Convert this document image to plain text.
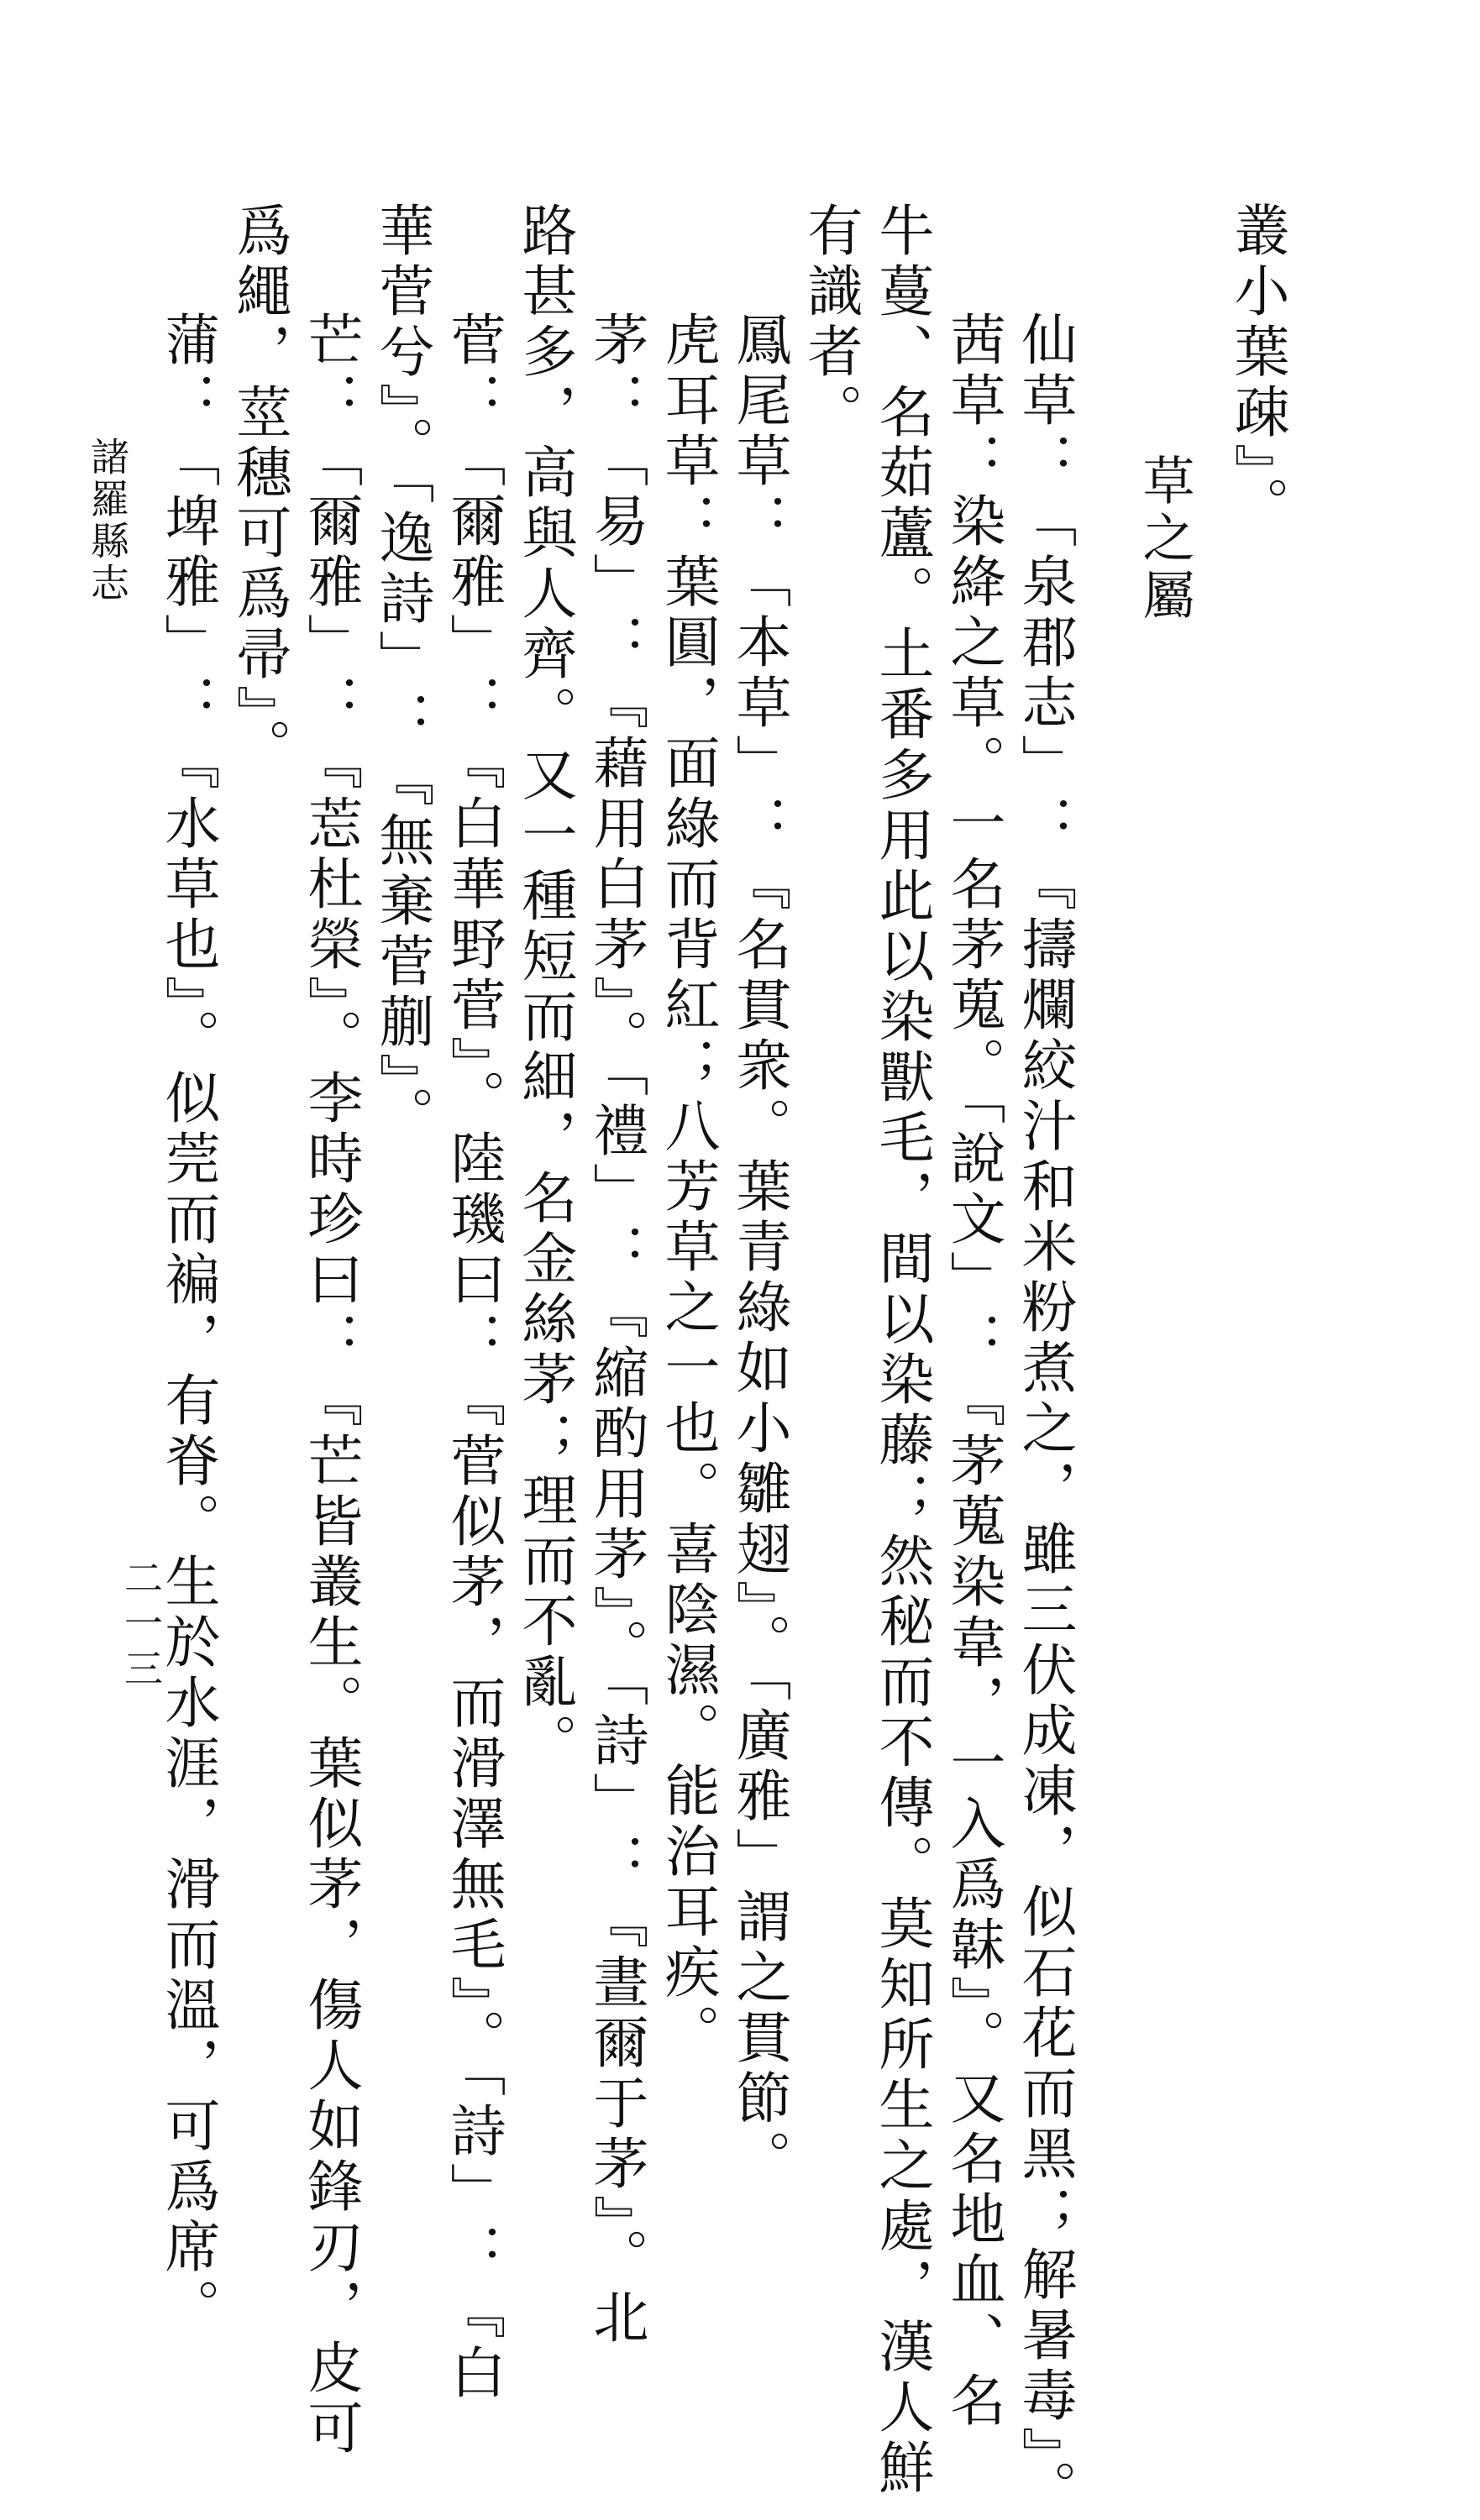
叢小葉疎』。
草之屬
仙草：「泉郡志」：『擣爛絞汁和米粉煮之，雖三伏成凍，似石花而黑；解暑毒』。
茜草：染絳之草。一名茅蒐。「說文」：『茅蒐染韋，一入爲韎』。又名地血、名
牛蔓、名茹蘆。土番多用此以染獸毛，間以染藤；然秘而不傳。莫知所生之處，漢人鮮
有識者。
鳳尾草：「本草」：『名貫衆。葉青綠如小雛翅』。「廣雅」謂之貫節。
虎耳草：葉圓，面綠而背紅；八芳草之一也。喜陰濕。能治耳疾。
茅：「易」：『藉用白茅』。「禮」：『縮酌用茅』。「詩」：『晝爾于茅』。北
路甚多，高與人齊。又一種短而細，名金絲茅；理而不亂。
菅：「爾雅」：『白華野菅』。陸璣曰：『菅似茅，而滑澤無毛』。「詩」：『白
華菅兮』。「逸詩」：『無棄菅蒯』。
芒：「爾雅」：『莣杜榮』。李時珍曰：『芒皆叢生。葉似茅，傷人如鋒刃，皮可
爲繩，莖穗可爲帚』。
蒲：「埤雅」：『水草也』。似莞而褊，有脊。生於水涯，滑而溫，可爲席。
諸羅縣志
二一三
